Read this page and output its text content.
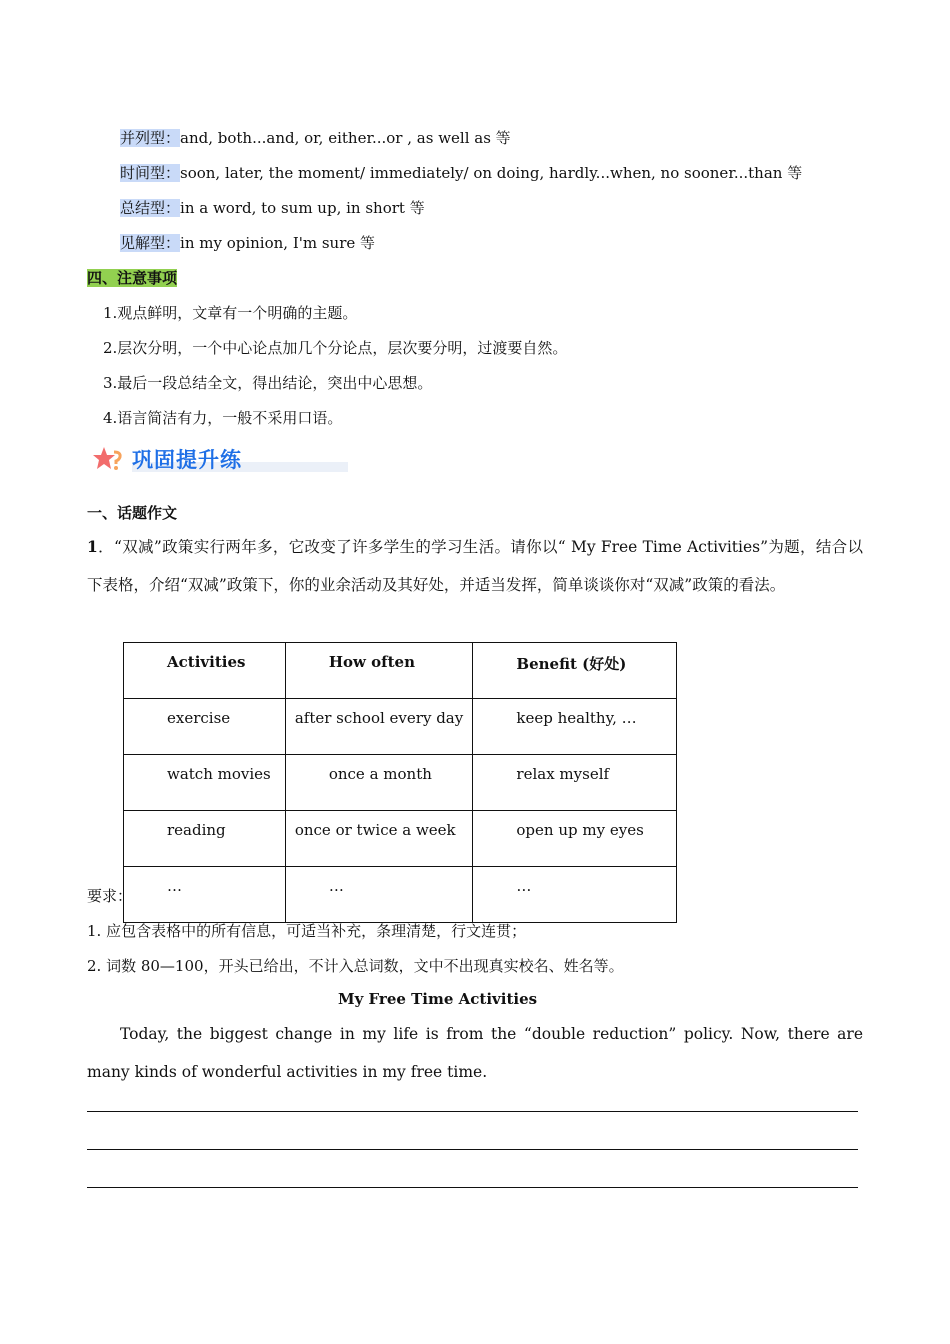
并列型：and, both...and, or, either...or , as well as 等
时间型：soon, later, the moment/ immediately/ on doing, hardly...when, no sooner...than 等
总结型：in a word, to sum up, in short 等
见解型：in my opinion, I'm sure 等
四、注意事项
1.观点鲜明，文章有一个明确的主题。
2.层次分明，一个中心论点加几个分论点，层次要分明，过渡要自然。
3.最后一段总结全文，得出结论，突出中心思想。
4.语言简洁有力，一般不采用口语。
巩固提升练
一、话题作文
1．“双减”政策实行两年多，它改变了许多学生的学习生活。请你以“ My Free Time Activities”为题，结合以下表格，介绍“双减”政策下，你的业余活动及其好处，并适当发挥，简单谈谈你对“双减”政策的看法。
Activities	How often	Benefit (好处)
exercise	after school every day	keep healthy, …
watch movies	once a month	relax myself
reading	once or twice a week	open up my eyes
…	…	…
要求：
1. 应包含表格中的所有信息，可适当补充，条理清楚，行文连贯；
2. 词数 80—100，开头已给出，不计入总词数，文中不出现真实校名、姓名等。
My Free Time Activities
Today, the biggest change in my life is from the “double reduction” policy. Now, there are many kinds of wonderful activities in my free time.
